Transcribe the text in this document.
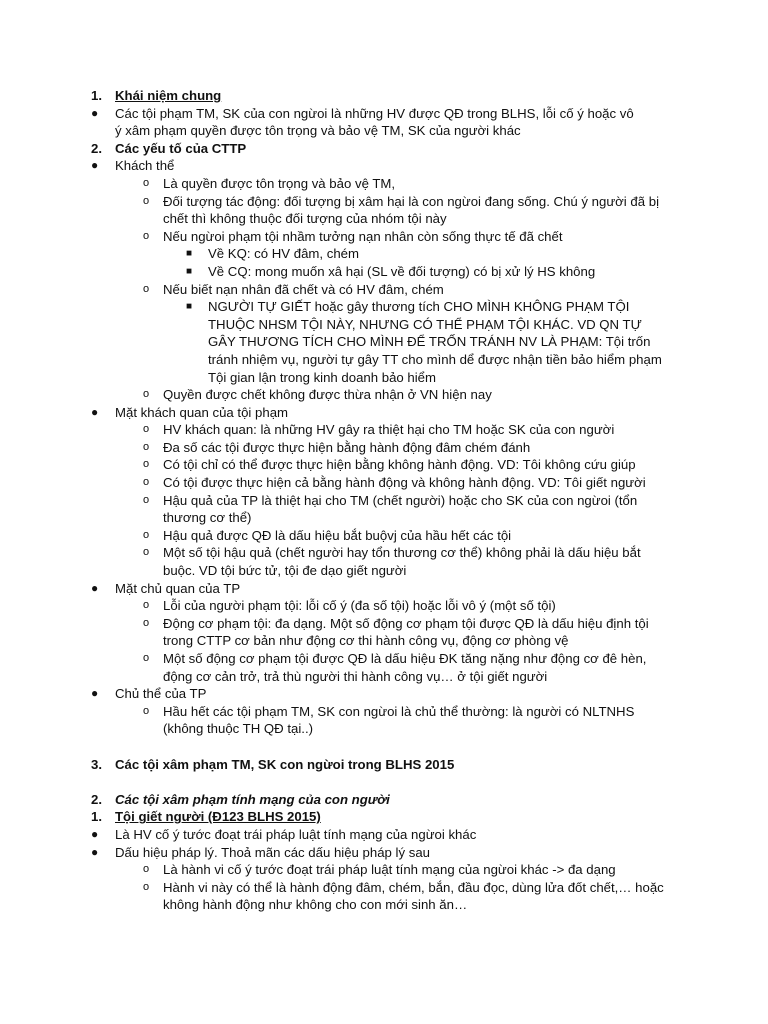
1. Khái niệm chung
● Các tội phạm TM, SK của con ngừoi là những HV được QĐ trong BLHS, lỗi cố ý hoặc vô ý xâm phạm quyền được tôn trọng và bảo vệ TM, SK của người khác
2. Các yếu tố của CTTP
● Khách thể
o Là quyền được tôn trọng và bảo vệ TM,
o Đối tượng tác động: đối tượng bị xâm hại là con ngừoi đang sống. Chú ý người đã bị chết thì không thuộc đối tượng của nhóm tội này
o Nếu ngừoi phạm tội nhầm tưởng nạn nhân còn sống thực tế đã chết
■ Về KQ: có HV đâm, chém
■ Về CQ: mong muốn xâ hại (SL về đối tượng) có bị xử lý HS không
o Nếu biết nạn nhân đã chết và có HV đâm, chém
■ NGƯỜI TỰ GIẾT hoặc gây thương tích CHO MÌNH KHÔNG PHẠM TỘI THUỘC NHSM TỘI NÀY, NHƯNG CÓ THỂ PHẠM TỘI KHÁC. VD QN TỰ GÂY THƯƠNG TÍCH CHO MÌNH ĐỂ TRỐN TRÁNH NV LÀ PHẠM: Tội trốn tránh nhiệm vụ, người tự gây TT cho mình dể được nhận tiền bảo hiểm phạm Tội gian lận trong kinh doanh bảo hiểm
o Quyền được chết không được thừa nhận ở VN hiện nay
● Mặt khách quan của tội phạm
o HV khách quan: là những HV gây ra thiệt hại cho TM hoặc SK của con người
o Đa số các tội được thực hiện bằng hành động đâm chém đánh
o Có tội chỉ có thể được thực hiện bằng không hành động. VD: Tôi không cứu giúp
o Có tội được thực hiện cả bằng hành động và không hành động. VD: Tôi giết người
o Hậu quả của TP là thiệt hại cho TM (chết người) hoặc cho SK của con ngừoi (tổn thương cơ thể)
o Hậu quả được QĐ là dấu hiệu bắt buộvj của hầu hết các tội
o Một số tội hậu quả (chết người hay tổn thương cơ thể) không phải là dấu hiệu bắt buộc. VD tội bức tử, tội đe dạo giết người
● Mặt chủ quan của TP
o Lỗi của người phạm tội: lỗi cố ý (đa số tội) hoặc lỗi vô ý (một số tội)
o Động cơ phạm tội: đa dạng. Một số động cơ phạm tội được QĐ là dấu hiệu định tội trong CTTP cơ bản như động cơ thi hành công vụ, động cơ phòng vệ
o Một số động cơ phạm tội được QĐ là dấu hiệu ĐK tăng nặng như động cơ đê hèn, động cơ cản trở, trả thù người thi hành công vụ… ở tội giết người
● Chủ thể của TP
o Hầu hết các tội phạm TM, SK con ngừoi là chủ thể thường: là người có NLTNHS (không thuộc TH QĐ tại..)
3. Các tội xâm phạm TM, SK con ngừoi trong BLHS 2015
2. Các tội xâm phạm tính mạng của con người
1. Tội giết người (Đ123 BLHS 2015)
● Là HV cố ý tước đoạt trái pháp luật tính mạng của ngừoi khác
● Dấu hiệu pháp lý. Thoả mãn các dấu hiệu pháp lý sau
o Là hành vi cố ý tước đoạt trái pháp luật tính mạng của ngừoi khác -> đa dạng
o Hành vi này có thể là hành động đâm, chém, bắn, đầu đọc, dùng lửa đốt chết,… hoặc không hành động như không cho con mới sinh ăn…
